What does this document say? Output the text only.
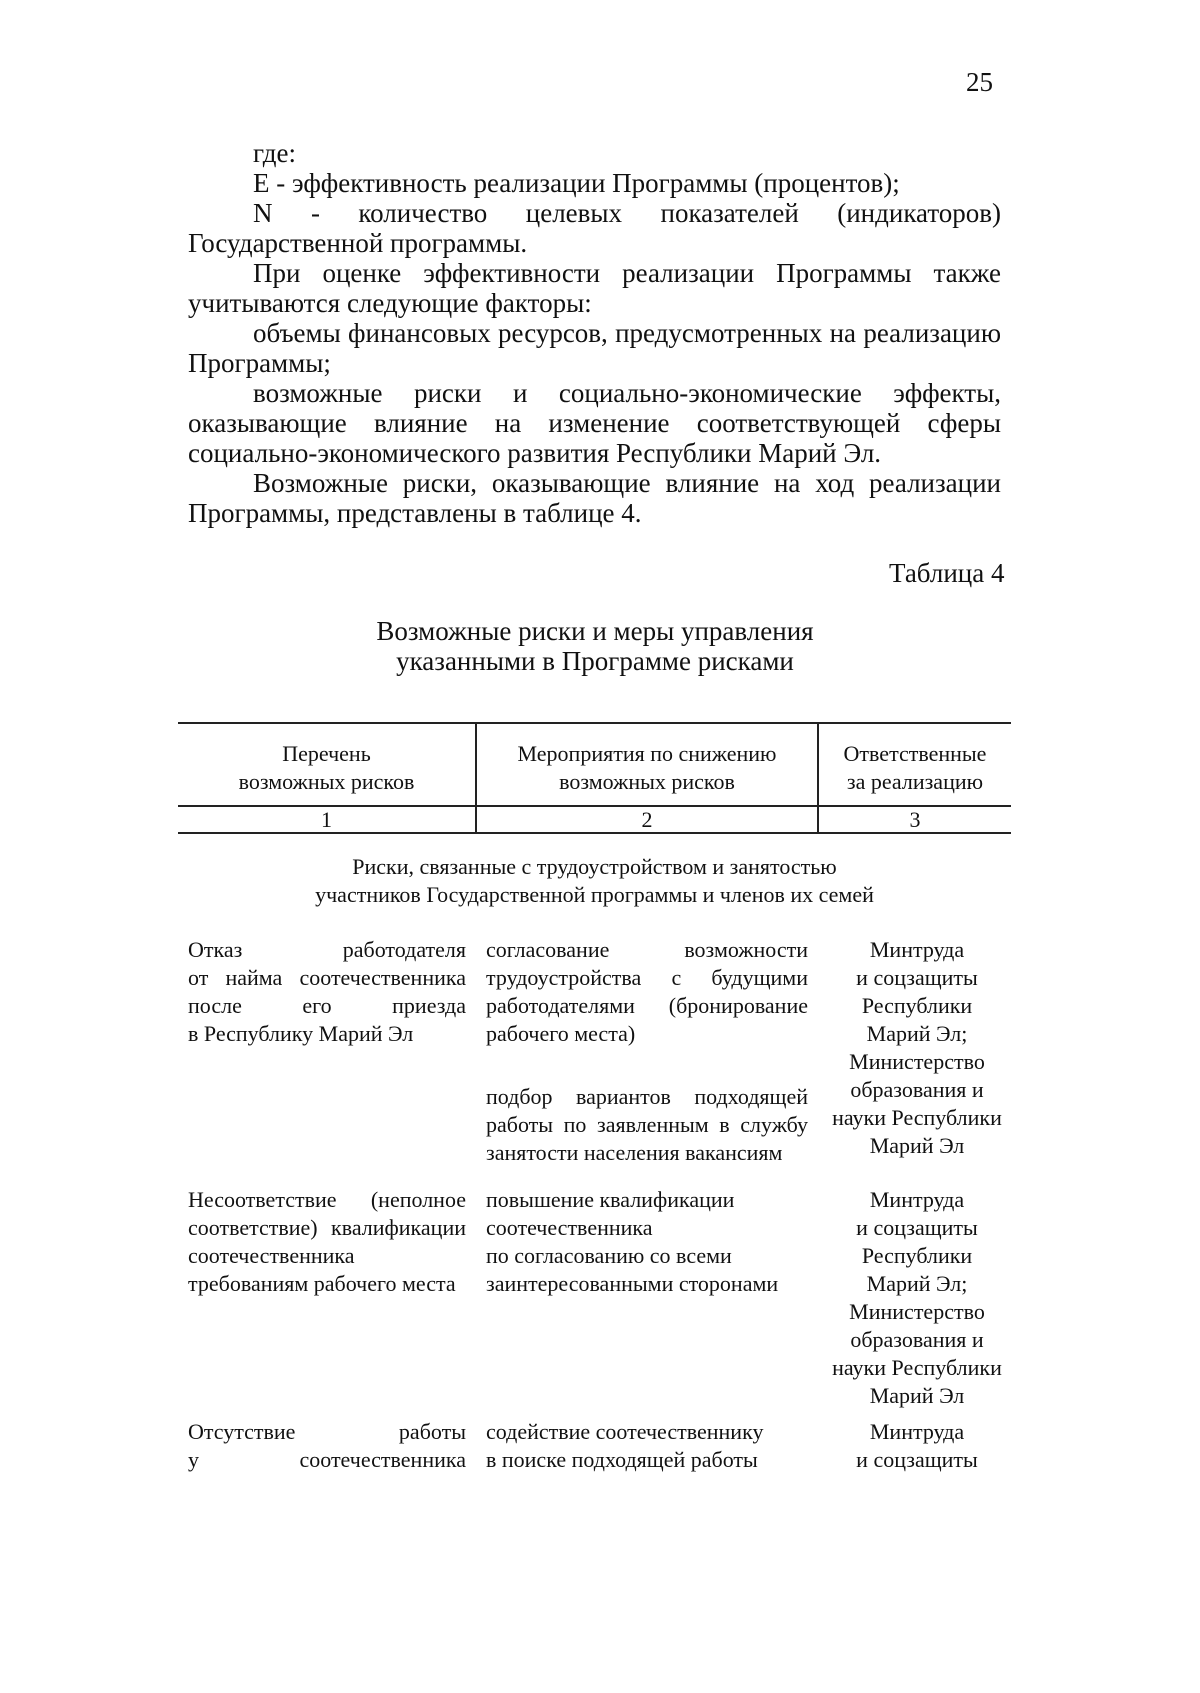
25
где:
Е - эффективность реализации Программы (процентов);
N - количество целевых показателей (индикаторов)
Государственной программы.
При оценке эффективности реализации Программы также
учитываются следующие факторы:
объемы финансовых ресурсов, предусмотренных на реализацию
Программы;
возможные риски и социально-экономические эффекты,
оказывающие влияние на изменение соответствующей сферы
социально-экономического развития Республики Марий Эл.
Возможные риски, оказывающие влияние на ход реализации
Программы, представлены в таблице 4.
Таблица 4
Возможные риски и меры управления
указанными в Программе рисками
Перечень
возможных рисков
Мероприятия по снижению
возможных рисков
Ответственные
за реализацию
1	2	3
Риски, связанные с трудоустройством и занятостью
участников Государственной программы и членов их семей
Отказ работодателя
от найма соотечественника
после его приезда
в Республику Марий Эл
согласование возможности
трудоустройства с будущими
работодателями (бронирование
рабочего места)
подбор вариантов подходящей
работы по заявленным в службу
занятости населения вакансиям
Минтруда
и соцзащиты
Республики
Марий Эл;
Министерство
образования и
науки Республики
Марий Эл
Несоответствие (неполное
соответствие) квалификации
соотечественника
требованиям рабочего места
повышение квалификации
соотечественника
по согласованию со всеми
заинтересованными сторонами
Минтруда
и соцзащиты
Республики
Марий Эл;
Министерство
образования и
науки Республики
Марий Эл
Отсутствие работы
у соотечественника
содействие соотечественнику
в поиске подходящей работы
Минтруда
и соцзащиты
